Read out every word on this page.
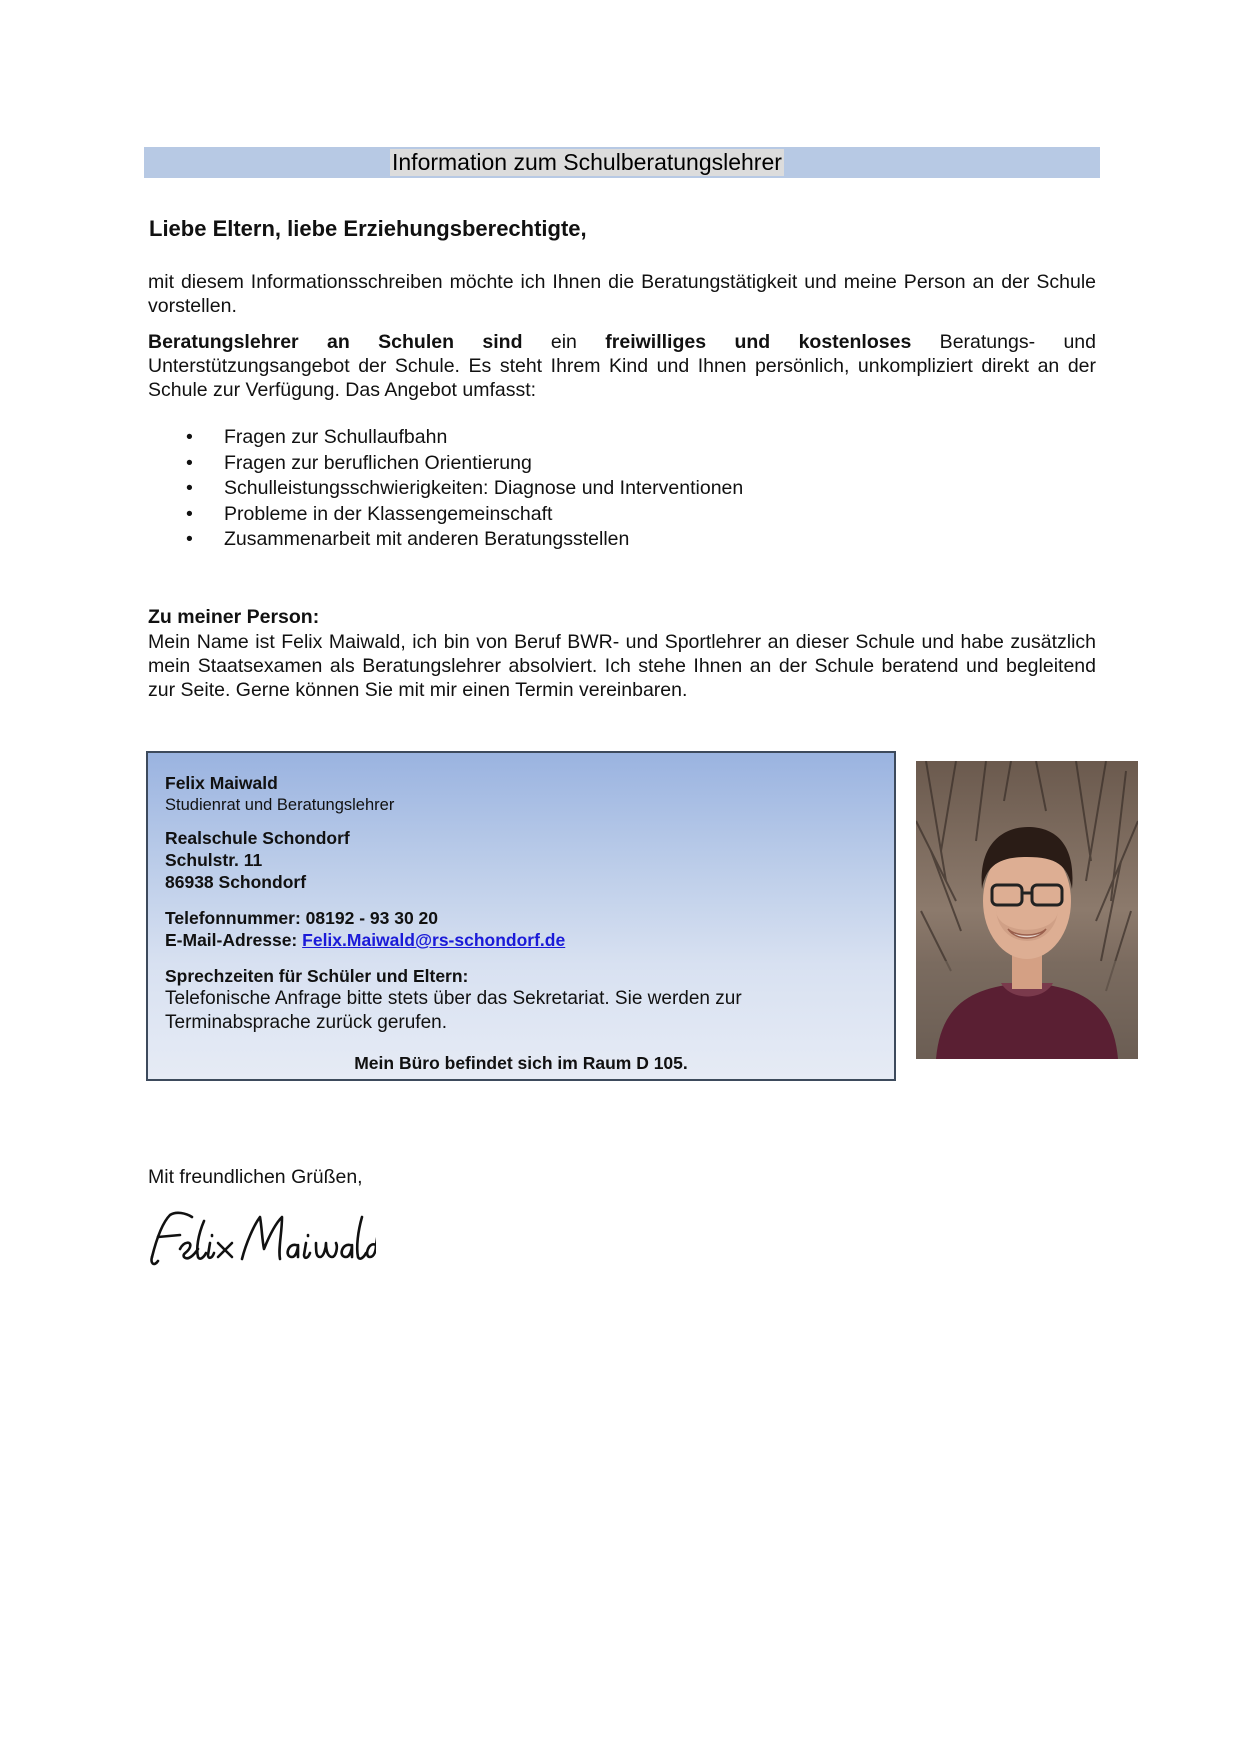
Information zum Schulberatungslehrer

Liebe Eltern, liebe Erziehungsberechtigte,

mit diesem Informationsschreiben möchte ich Ihnen die Beratungstätigkeit und meine Person an der Schule vorstellen.

Beratungslehrer an Schulen sind ein freiwilliges und kostenloses Beratungs- und Unterstützungsangebot der Schule. Es steht Ihrem Kind und Ihnen persönlich, unkompliziert direkt an der Schule zur Verfügung. Das Angebot umfasst:

• Fragen zur Schullaufbahn
• Fragen zur beruflichen Orientierung
• Schulleistungsschwierigkeiten: Diagnose und Interventionen
• Probleme in der Klassengemeinschaft
• Zusammenarbeit mit anderen Beratungsstellen

Zu meiner Person:

Mein Name ist Felix Maiwald, ich bin von Beruf BWR- und Sportlehrer an dieser Schule und habe zusätzlich mein Staatsexamen als Beratungslehrer absolviert. Ich stehe Ihnen an der Schule beratend und begleitend zur Seite. Gerne können Sie mit mir einen Termin vereinbaren.

Felix Maiwald
Studienrat und Beratungslehrer
Realschule Schondorf
Schulstr. 11
86938 Schondorf
Telefonnummer: 08192 - 93 30 20
E-Mail-Adresse: Felix.Maiwald@rs-schondorf.de
Sprechzeiten für Schüler und Eltern:
Telefonische Anfrage bitte stets über das Sekretariat. Sie werden zur Terminabsprache zurück gerufen.
Mein Büro befindet sich im Raum D 105.

Mit freundlichen Grüßen,
